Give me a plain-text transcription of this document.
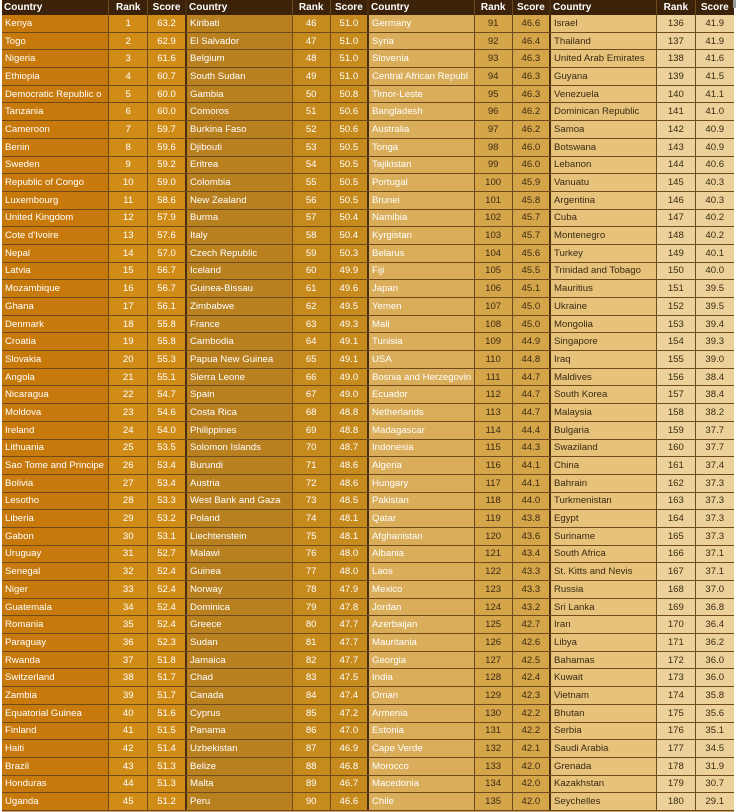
Country	Rank	Score
Kenya	1	63.2
Togo	2	62.9
Nigeria	3	61.6
Ethiopia	4	60.7
Democratic Republic o	5	60.0
Tanzania	6	60.0
Cameroon	7	59.7
Benin	8	59.6
Sweden	9	59.2
Republic of Congo	10	59.0
Luxembourg	11	58.6
United Kingdom	12	57.9
Cote d'Ivoire	13	57.6
Nepal	14	57.0
Latvia	15	56.7
Mozambique	16	56.7
Ghana	17	56.1
Denmark	18	55.8
Croatia	19	55.8
Slovakia	20	55.3
Angola	21	55.1
Nicaragua	22	54.7
Moldova	23	54.6
Ireland	24	54.0
Lithuania	25	53.5
Sao Tome and Principe	26	53.4
Bolivia	27	53.4
Lesotho	28	53.3
Liberia	29	53.2
Gabon	30	53.1
Uruguay	31	52.7
Senegal	32	52.4
Niger	33	52.4
Guatemala	34	52.4
Romania	35	52.4
Paraguay	36	52.3
Rwanda	37	51.8
Switzerland	38	51.7
Zambia	39	51.7
Equatorial Guinea	40	51.6
Finland	41	51.5
Haiti	42	51.4
Brazil	43	51.3
Honduras	44	51.3
Uganda	45	51.2
Country	Rank	Score
Kiribati	46	51.0
El Salvador	47	51.0
Belgium	48	51.0
South Sudan	49	51.0
Gambia	50	50.8
Comoros	51	50.6
Burkina Faso	52	50.6
Djibouti	53	50.5
Eritrea	54	50.5
Colombia	55	50.5
New Zealand	56	50.5
Burma	57	50.4
Italy	58	50.4
Czech Republic	59	50.3
Iceland	60	49.9
Guinea-Bissau	61	49.6
Zimbabwe	62	49.5
France	63	49.3
Cambodia	64	49.1
Papua New Guinea	65	49.1
Sierra Leone	66	49.0
Spain	67	49.0
Costa Rica	68	48.8
Philippines	69	48.8
Solomon Islands	70	48.7
Burundi	71	48.6
Austria	72	48.6
West Bank and Gaza	73	48.5
Poland	74	48.1
Liechtenstein	75	48.1
Malawi	76	48.0
Guinea	77	48.0
Norway	78	47.9
Dominica	79	47.8
Greece	80	47.7
Sudan	81	47.7
Jamaica	82	47.7
Chad	83	47.5
Canada	84	47.4
Cyprus	85	47.2
Panama	86	47.0
Uzbekistan	87	46.9
Belize	88	46.8
Malta	89	46.7
Peru	90	46.6
Country	Rank	Score
Germany	91	46.6
Syria	92	46.4
Slovenia	93	46.3
Central African Republ	94	46.3
Timor-Leste	95	46.3
Bangladesh	96	46.2
Australia	97	46.2
Tonga	98	46.0
Tajikistan	99	46.0
Portugal	100	45.9
Brunei	101	45.8
Namibia	102	45.7
Kyrgistan	103	45.7
Belarus	104	45.6
Fiji	105	45.5
Japan	106	45.1
Yemen	107	45.0
Mali	108	45.0
Tunisia	109	44.9
USA	110	44.8
Bosnia and Herzegovin	111	44.7
Ecuador	112	44.7
Netherlands	113	44.7
Madagascar	114	44.4
Indonesia	115	44.3
Algeria	116	44.1
Hungary	117	44.1
Pakistan	118	44.0
Qatar	119	43.8
Afghanistan	120	43.6
Albania	121	43.4
Laos	122	43.3
Mexico	123	43.3
Jordan	124	43.2
Azerbaijan	125	42.7
Mauritania	126	42.6
Georgia	127	42.5
India	128	42.4
Oman	129	42.3
Armenia	130	42.2
Estonia	131	42.2
Cape Verde	132	42.1
Morocco	133	42.0
Macedonia	134	42.0
Chile	135	42.0
Country	Rank	Score
Israel	136	41.9
Thailand	137	41.9
United Arab Emirates	138	41.6
Guyana	139	41.5
Venezuela	140	41.1
Dominican Republic	141	41.0
Samoa	142	40.9
Botswana	143	40.9
Lebanon	144	40.6
Vanuatu	145	40.3
Argentina	146	40.3
Cuba	147	40.2
Montenegro	148	40.2
Turkey	149	40.1
Trinidad and Tobago	150	40.0
Mauritius	151	39.5
Ukraine	152	39.5
Mongolia	153	39.4
Singapore	154	39.3
Iraq	155	39.0
Maldives	156	38.4
South Korea	157	38.4
Malaysia	158	38.2
Bulgaria	159	37.7
Swaziland	160	37.7
China	161	37.4
Bahrain	162	37.3
Turkmenistan	163	37.3
Egypt	164	37.3
Suriname	165	37.3
South Africa	166	37.1
St. Kitts and Nevis	167	37.1
Russia	168	37.0
Sri Lanka	169	36.8
Iran	170	36.4
Libya	171	36.2
Bahamas	172	36.0
Kuwait	173	36.0
Vietnam	174	35.8
Bhutan	175	35.6
Serbia	176	35.1
Saudi Arabia	177	34.5
Grenada	178	31.9
Kazakhstan	179	30.7
Seychelles	180	29.1
